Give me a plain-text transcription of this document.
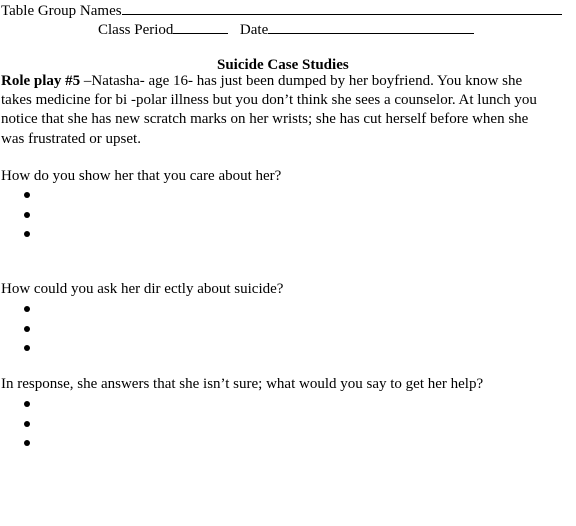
Table Group Names
Class Period	Date
Suicide Case Studies
Role play #5 –Natasha- age 16- has just been dumped by her boyfriend. You know she
takes medicine for bi -polar illness but you don’t think she sees a counselor. At lunch you
notice that she has new scratch marks on her wrists; she has cut herself before when she
was frustrated or upset.
How do you show her that you care about her?
How could you ask her dir ectly about suicide?
In response, she answers that she isn’t sure; what would you say to get her help?
